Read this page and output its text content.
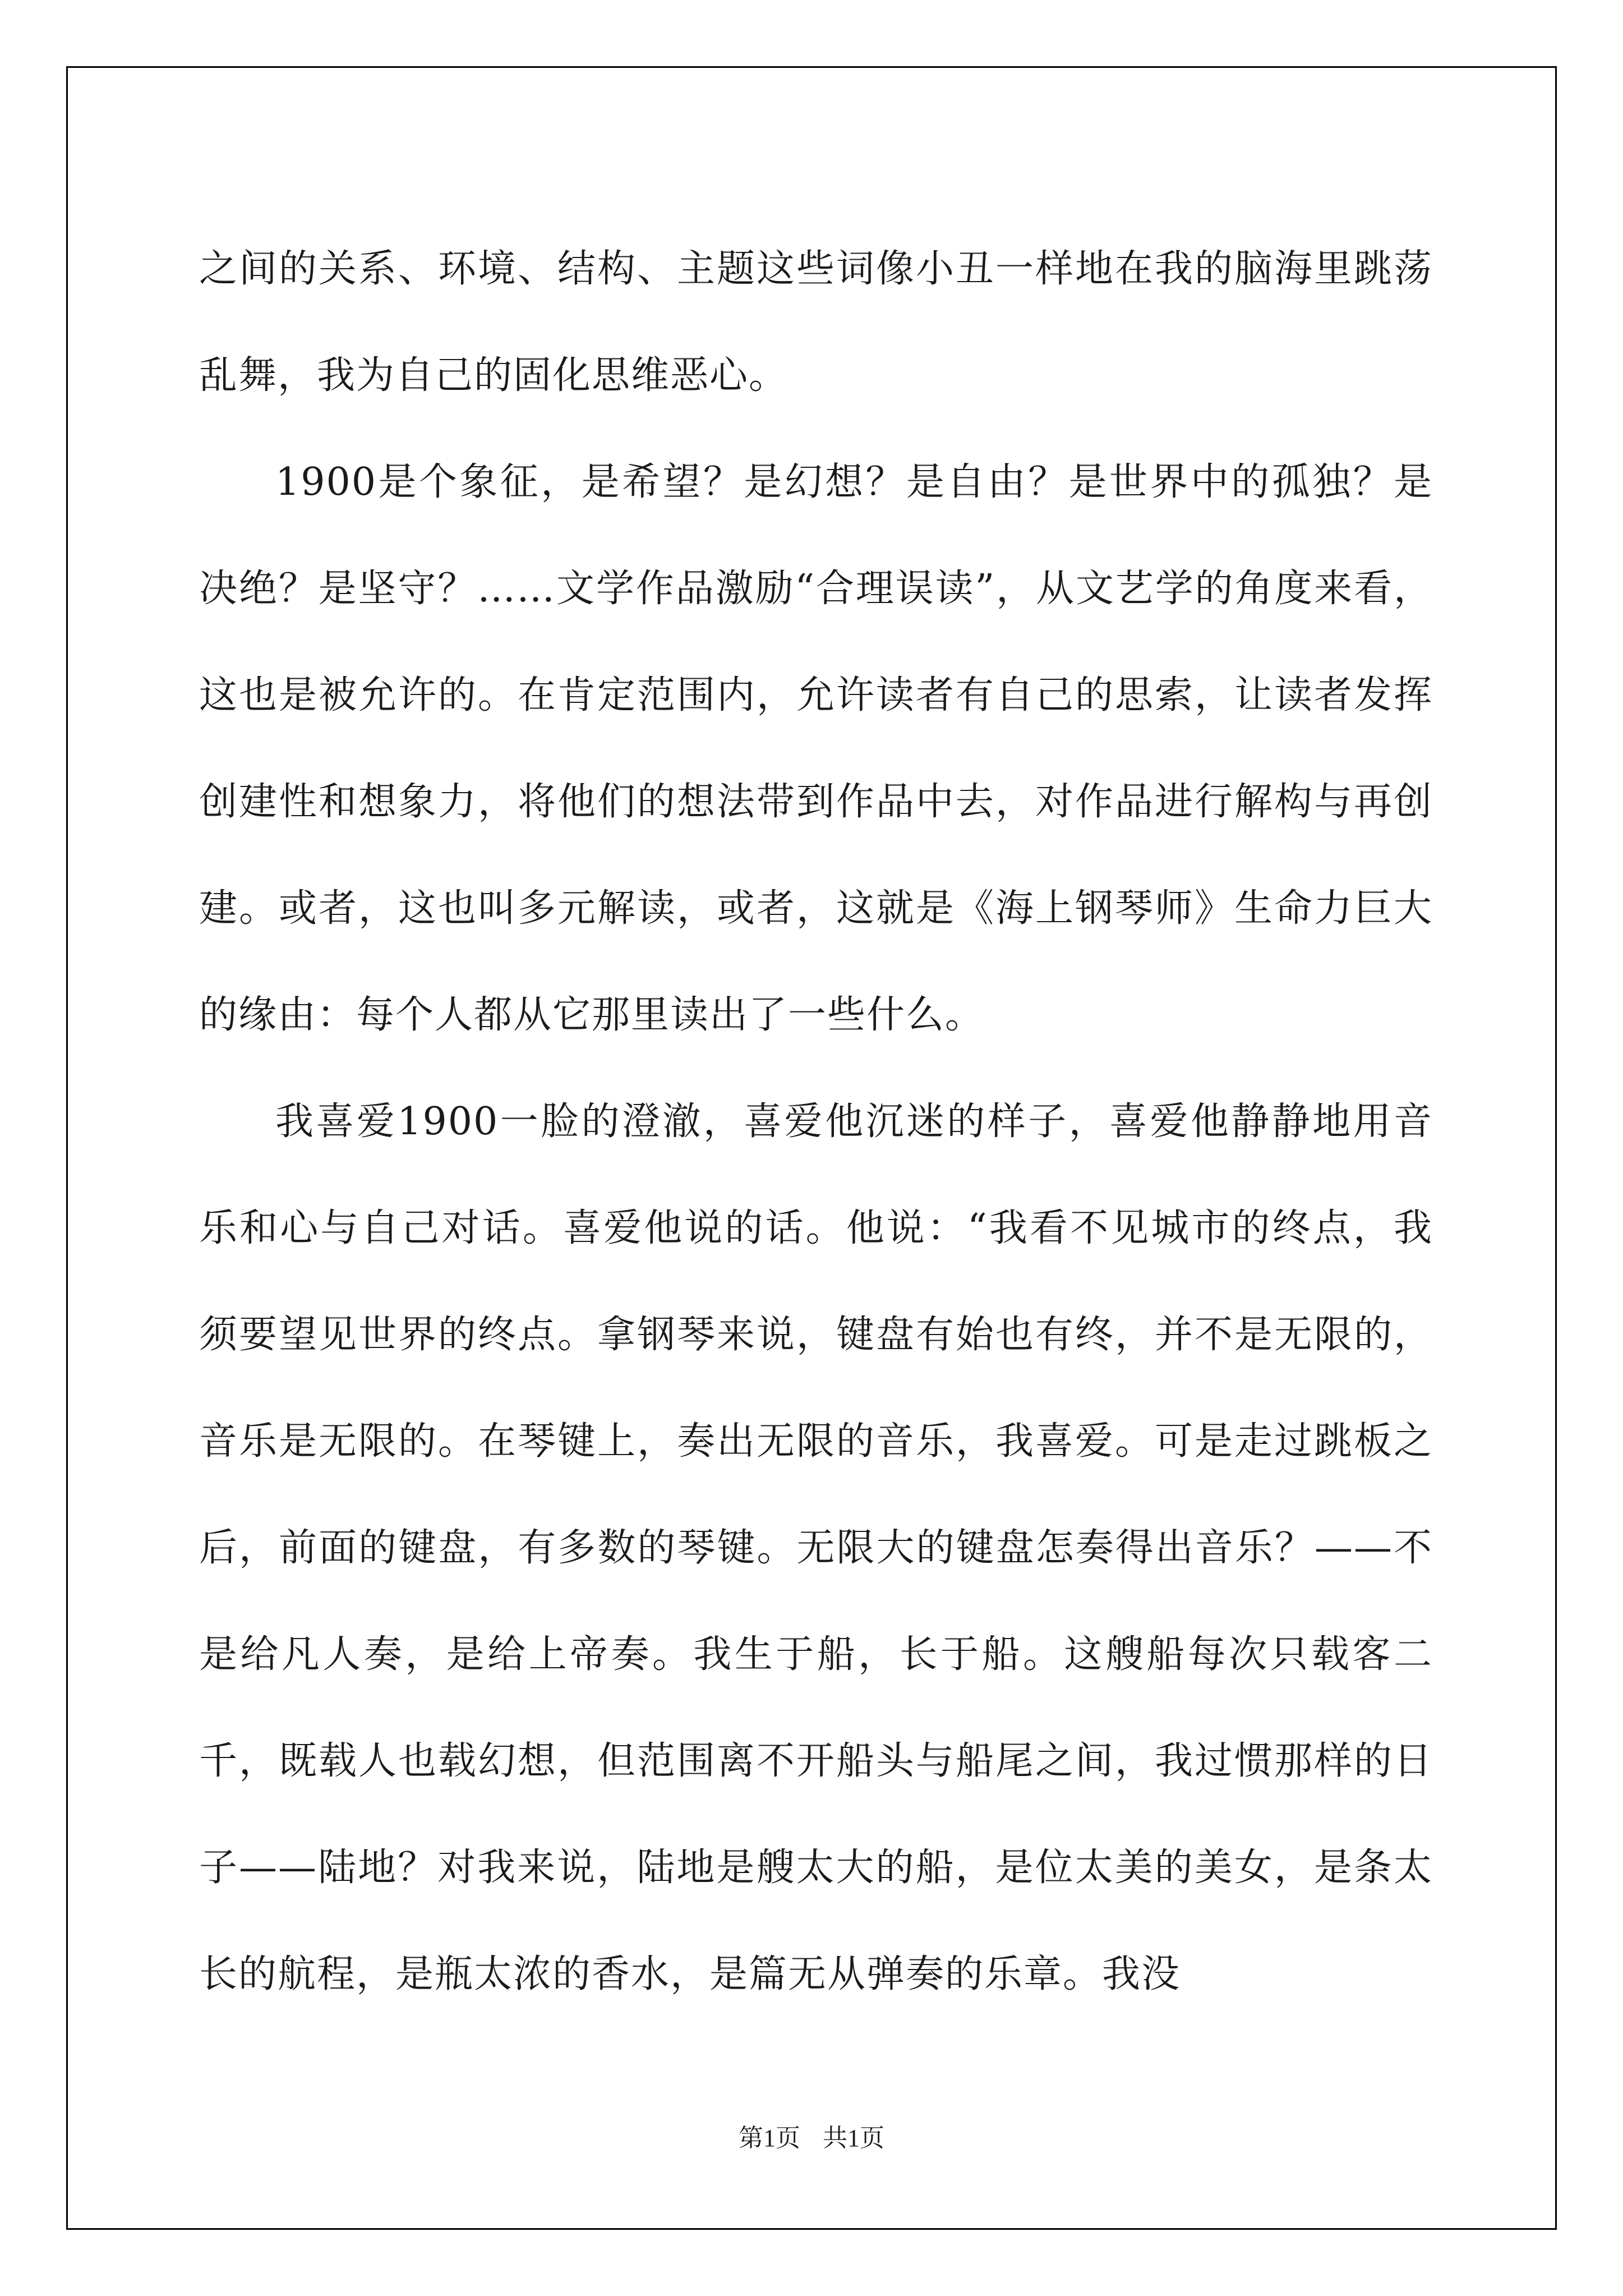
之间的关系、环境、结构、主题这些词像小丑一样地在我的脑海里跳荡乱舞，我为自己的固化思维恶心。

1900是个象征，是希望？是幻想？是自由？是世界中的孤独？是决绝？是坚守？……文学作品激励“合理误读”，从文艺学的角度来看，这也是被允许的。在肯定范围内，允许读者有自己的思索，让读者发挥创建性和想象力，将他们的想法带到作品中去，对作品进行解构与再创建。或者，这也叫多元解读，或者，这就是《海上钢琴师》生命力巨大的缘由：每个人都从它那里读出了一些什么。

我喜爱1900一脸的澄澈，喜爱他沉迷的样子，喜爱他静静地用音乐和心与自己对话。喜爱他说的话。他说：“我看不见城市的终点，我须要望见世界的终点。拿钢琴来说，键盘有始也有终，并不是无限的，音乐是无限的。在琴键上，奏出无限的音乐，我喜爱。可是走过跳板之后，前面的键盘，有多数的琴键。无限大的键盘怎奏得出音乐？——不是给凡人奏，是给上帝奏。我生于船，长于船。这艘船每次只载客二千，既载人也载幻想，但范围离不开船头与船尾之间，我过惯那样的日子——陆地？对我来说，陆地是艘太大的船，是位太美的美女，是条太长的航程，是瓶太浓的香水，是篇无从弹奏的乐章。我没

第1页 共1页
